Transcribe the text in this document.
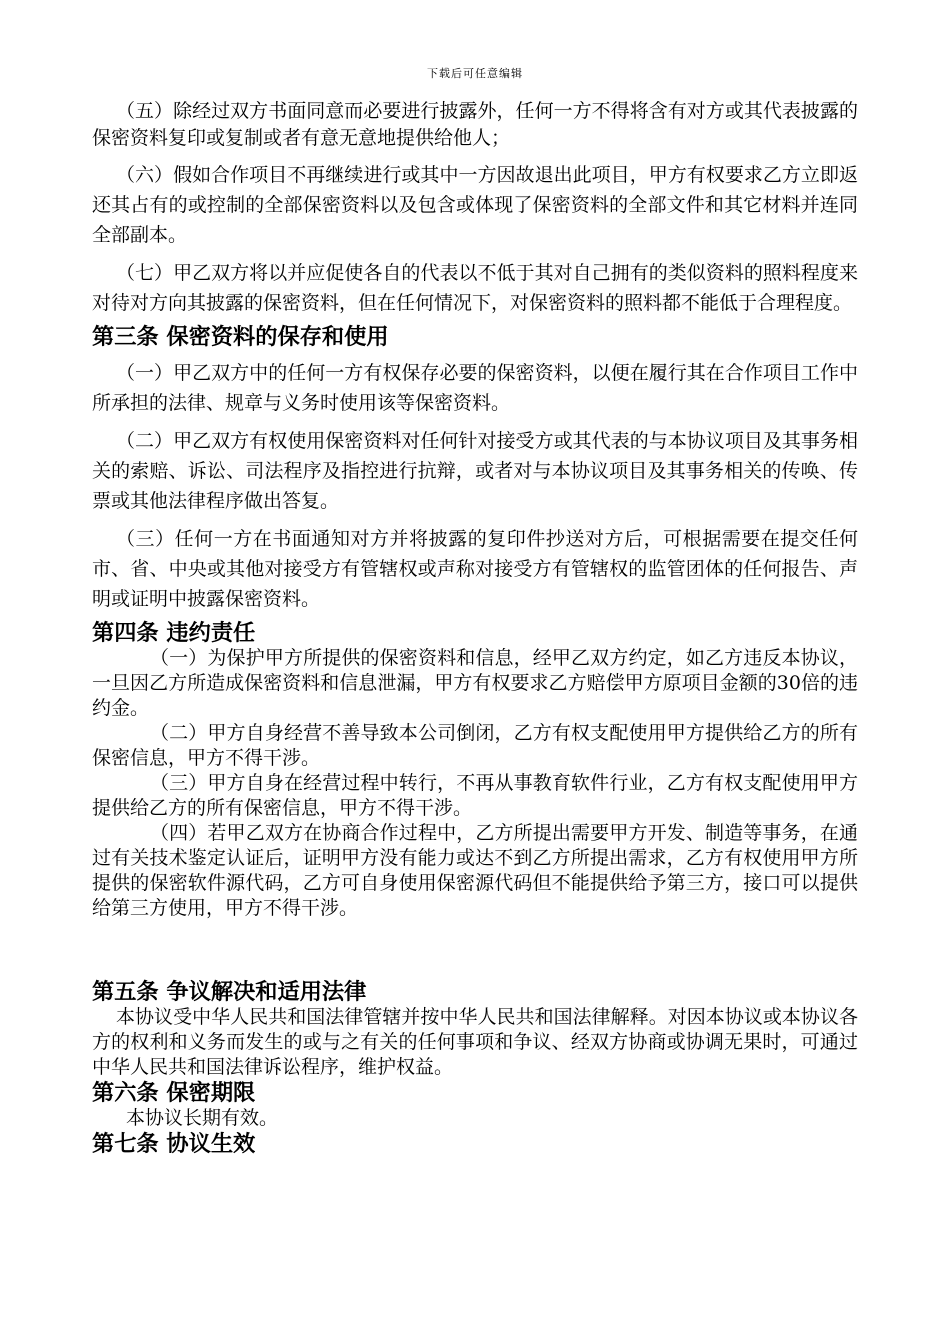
下载后可任意编辑

（五）除经过双方书面同意而必要进行披露外，任何一方不得将含有对方或其代表披露的保密资料复印或复制或者有意无意地提供给他人；

（六）假如合作项目不再继续进行或其中一方因故退出此项目，甲方有权要求乙方立即返还其占有的或控制的全部保密资料以及包含或体现了保密资料的全部文件和其它材料并连同全部副本。

（七）甲乙双方将以并应促使各自的代表以不低于其对自己拥有的类似资料的照料程度来对待对方向其披露的保密资料，但在任何情况下，对保密资料的照料都不能低于合理程度。

第三条 保密资料的保存和使用

（一）甲乙双方中的任何一方有权保存必要的保密资料，以便在履行其在合作项目工作中所承担的法律、规章与义务时使用该等保密资料。

（二）甲乙双方有权使用保密资料对任何针对接受方或其代表的与本协议项目及其事务相关的索赔、诉讼、司法程序及指控进行抗辩，或者对与本协议项目及其事务相关的传唤、传票或其他法律程序做出答复。

（三）任何一方在书面通知对方并将披露的复印件抄送对方后，可根据需要在提交任何市、省、中央或其他对接受方有管辖权或声称对接受方有管辖权的监管团体的任何报告、声明或证明中披露保密资料。

第四条 违约责任

（一）为保护甲方所提供的保密资料和信息，经甲乙双方约定，如乙方违反本协议，一旦因乙方所造成保密资料和信息泄漏，甲方有权要求乙方赔偿甲方原项目金额的30倍的违约金。

（二）甲方自身经营不善导致本公司倒闭，乙方有权支配使用甲方提供给乙方的所有保密信息，甲方不得干涉。

（三）甲方自身在经营过程中转行，不再从事教育软件行业，乙方有权支配使用甲方提供给乙方的所有保密信息，甲方不得干涉。

（四）若甲乙双方在协商合作过程中，乙方所提出需要甲方开发、制造等事务，在通过有关技术鉴定认证后，证明甲方没有能力或达不到乙方所提出需求，乙方有权使用甲方所提供的保密软件源代码，乙方可自身使用保密源代码但不能提供给予第三方，接口可以提供给第三方使用，甲方不得干涉。

第五条 争议解决和适用法律

本协议受中华人民共和国法律管辖并按中华人民共和国法律解释。对因本协议或本协议各方的权利和义务而发生的或与之有关的任何事项和争议、经双方协商或协调无果时，可通过中华人民共和国法律诉讼程序，维护权益。

第六条 保密期限

本协议长期有效。

第七条 协议生效
